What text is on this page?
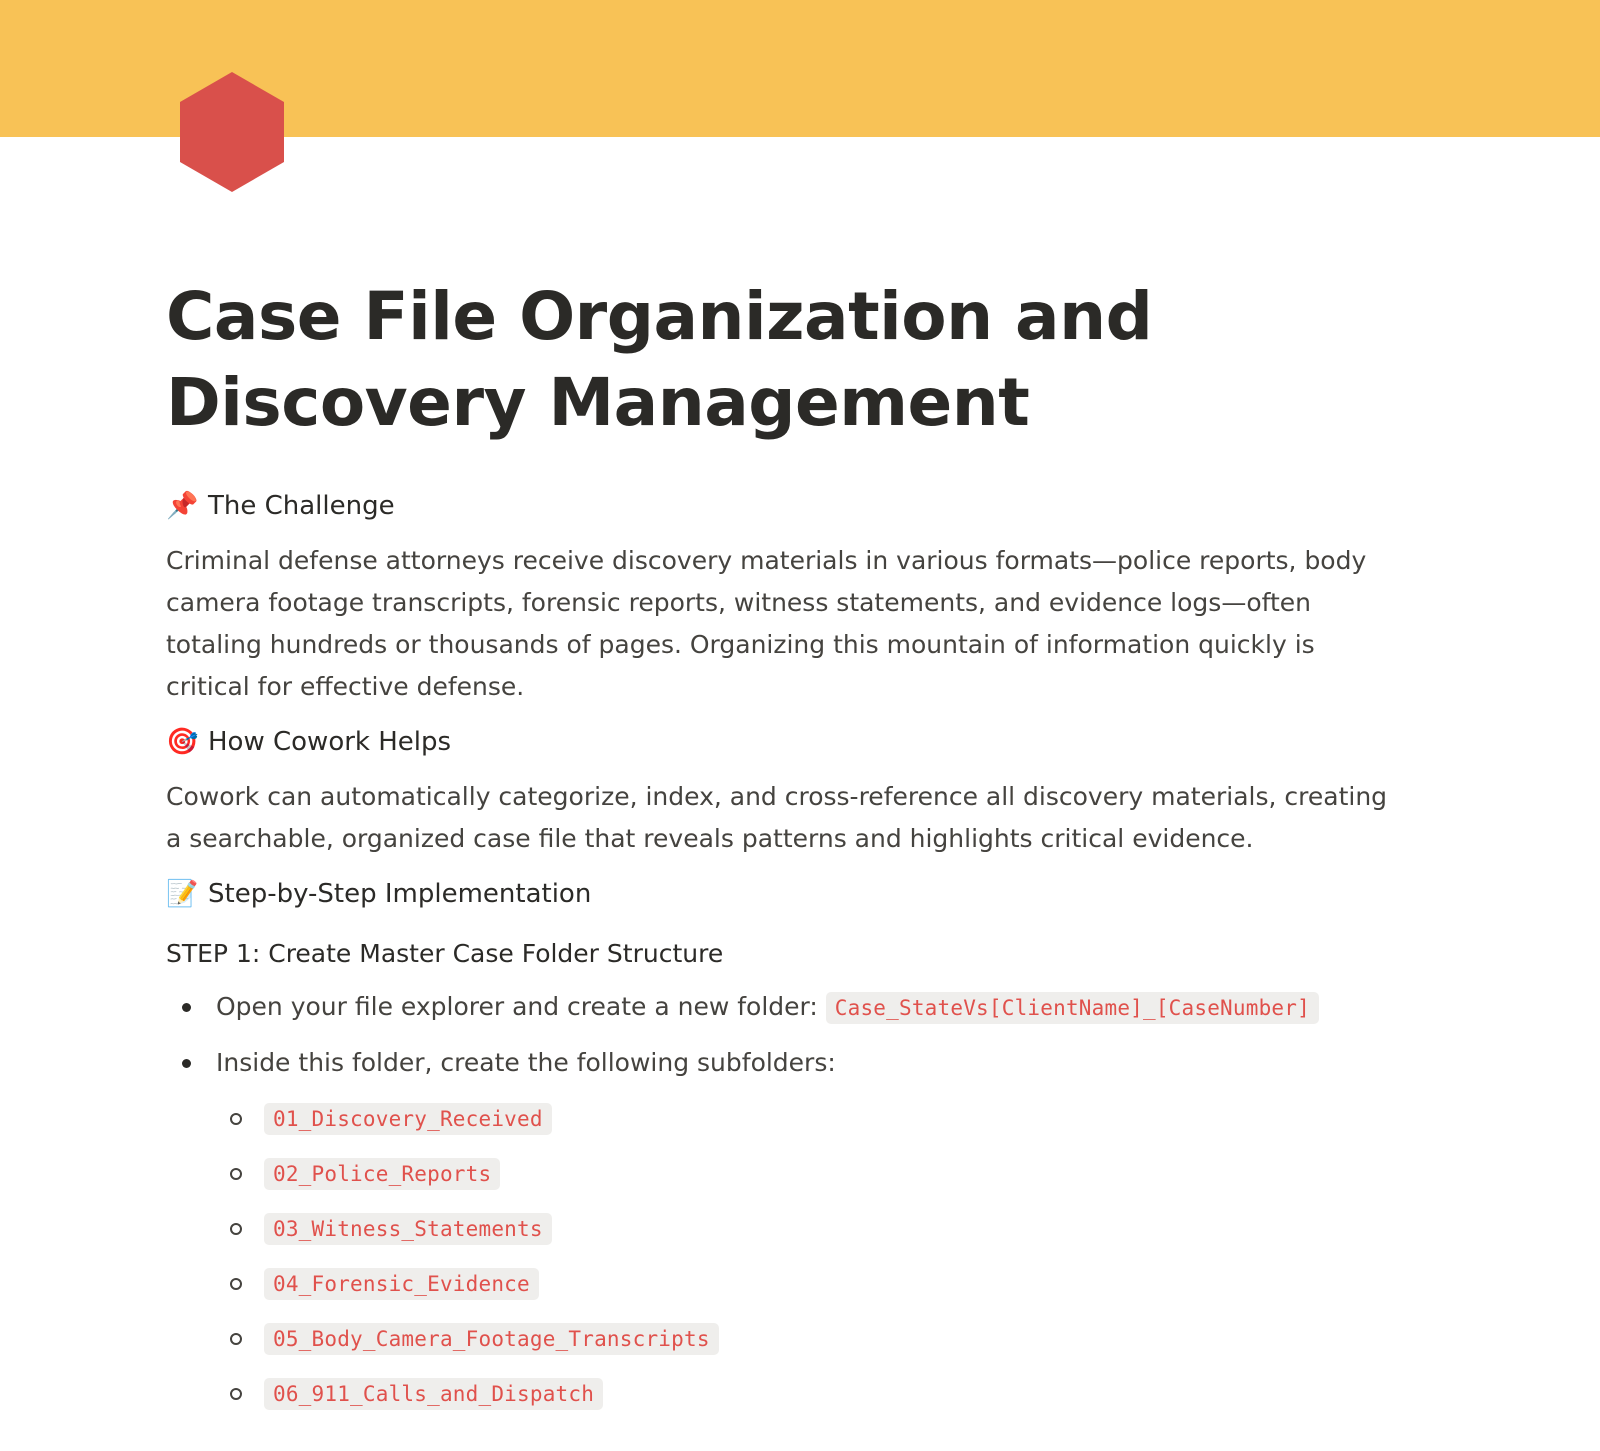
Case File Organization and Discovery Management
📌 The Challenge

Criminal defense attorneys receive discovery materials in various formats—police reports, body camera footage transcripts, forensic reports, witness statements, and evidence logs—often totaling hundreds or thousands of pages. Organizing this mountain of information quickly is critical for effective defense.

🎯 How Cowork Helps

Cowork can automatically categorize, index, and cross-reference all discovery materials, creating a searchable, organized case file that reveals patterns and highlights critical evidence.

📝 Step-by-Step Implementation
STEP 1: Create Master Case Folder Structure
Open your file explorer and create a new folder: Case_StateVs[ClientName]_[CaseNumber]
Inside this folder, create the following subfolders:
01_Discovery_Received
02_Police_Reports
03_Witness_Statements
04_Forensic_Evidence
05_Body_Camera_Footage_Transcripts
06_911_Calls_and_Dispatch
